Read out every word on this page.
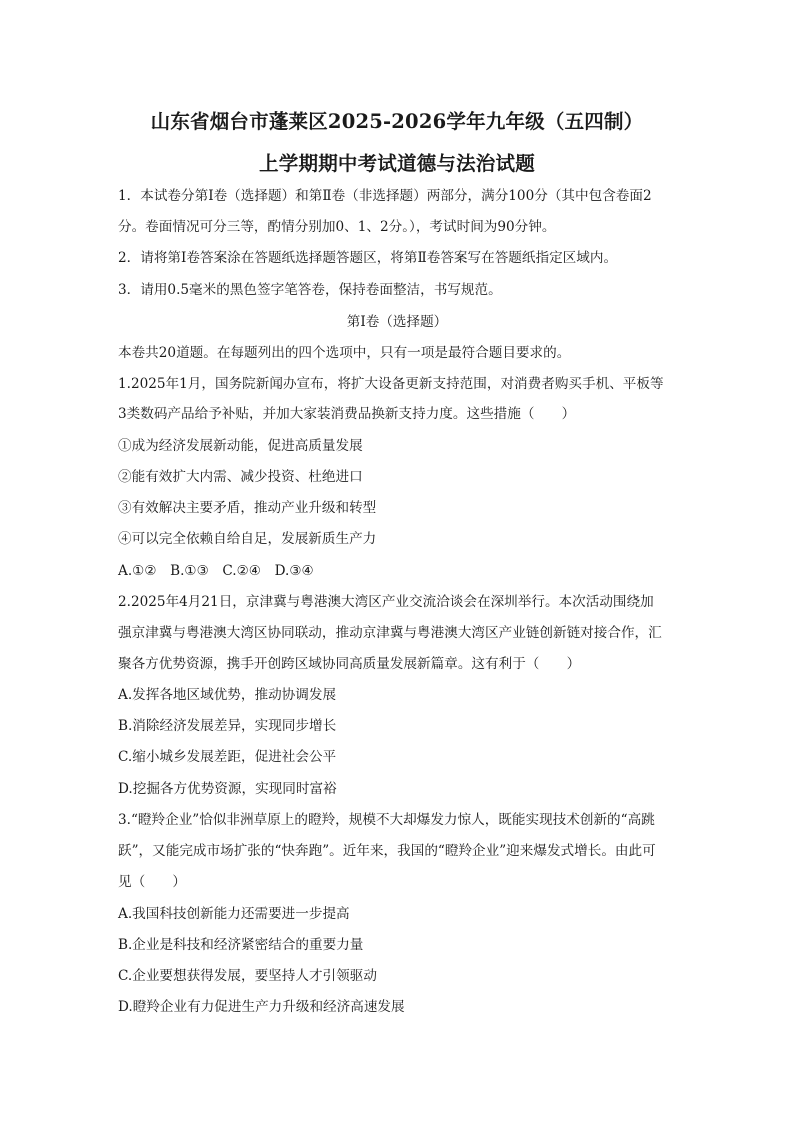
山东省烟台市蓬莱区2025-2026学年九年级（五四制）
上学期期中考试道德与法治试题
1．本试卷分第Ⅰ卷（选择题）和第Ⅱ卷（非选择题）两部分，满分100分（其中包含卷面2
分。卷面情况可分三等，酌情分别加0、1、2分。），考试时间为90分钟。
2．请将第Ⅰ卷答案涂在答题纸选择题答题区，将第Ⅱ卷答案写在答题纸指定区域内。
3．请用0.5毫米的黑色签字笔答卷，保持卷面整洁，书写规范。
第Ⅰ卷（选择题）
本卷共20道题。在每题列出的四个选项中，只有一项是最符合题目要求的。
1.2025年1月，国务院新闻办宣布，将扩大设备更新支持范围，对消费者购买手机、平板等
3类数码产品给予补贴，并加大家装消费品换新支持力度。这些措施（　　）
①成为经济发展新动能，促进高质量发展
②能有效扩大内需、减少投资、杜绝进口
③有效解决主要矛盾，推动产业升级和转型
④可以完全依赖自给自足，发展新质生产力
A.①②　B.①③　C.②④　D.③④
2.2025年4月21日，京津冀与粤港澳大湾区产业交流洽谈会在深圳举行。本次活动围绕加
强京津冀与粤港澳大湾区协同联动，推动京津冀与粤港澳大湾区产业链创新链对接合作，汇
聚各方优势资源，携手开创跨区域协同高质量发展新篇章。这有利于（　　）
A.发挥各地区域优势，推动协调发展
B.消除经济发展差异，实现同步增长
C.缩小城乡发展差距，促进社会公平
D.挖掘各方优势资源，实现同时富裕
3.“瞪羚企业”恰似非洲草原上的瞪羚，规模不大却爆发力惊人，既能实现技术创新的“高跳
跃”，又能完成市场扩张的“快奔跑”。近年来，我国的“瞪羚企业”迎来爆发式增长。由此可
见（　　）
A.我国科技创新能力还需要进一步提高
B.企业是科技和经济紧密结合的重要力量
C.企业要想获得发展，要坚持人才引领驱动
D.瞪羚企业有力促进生产力升级和经济高速发展
